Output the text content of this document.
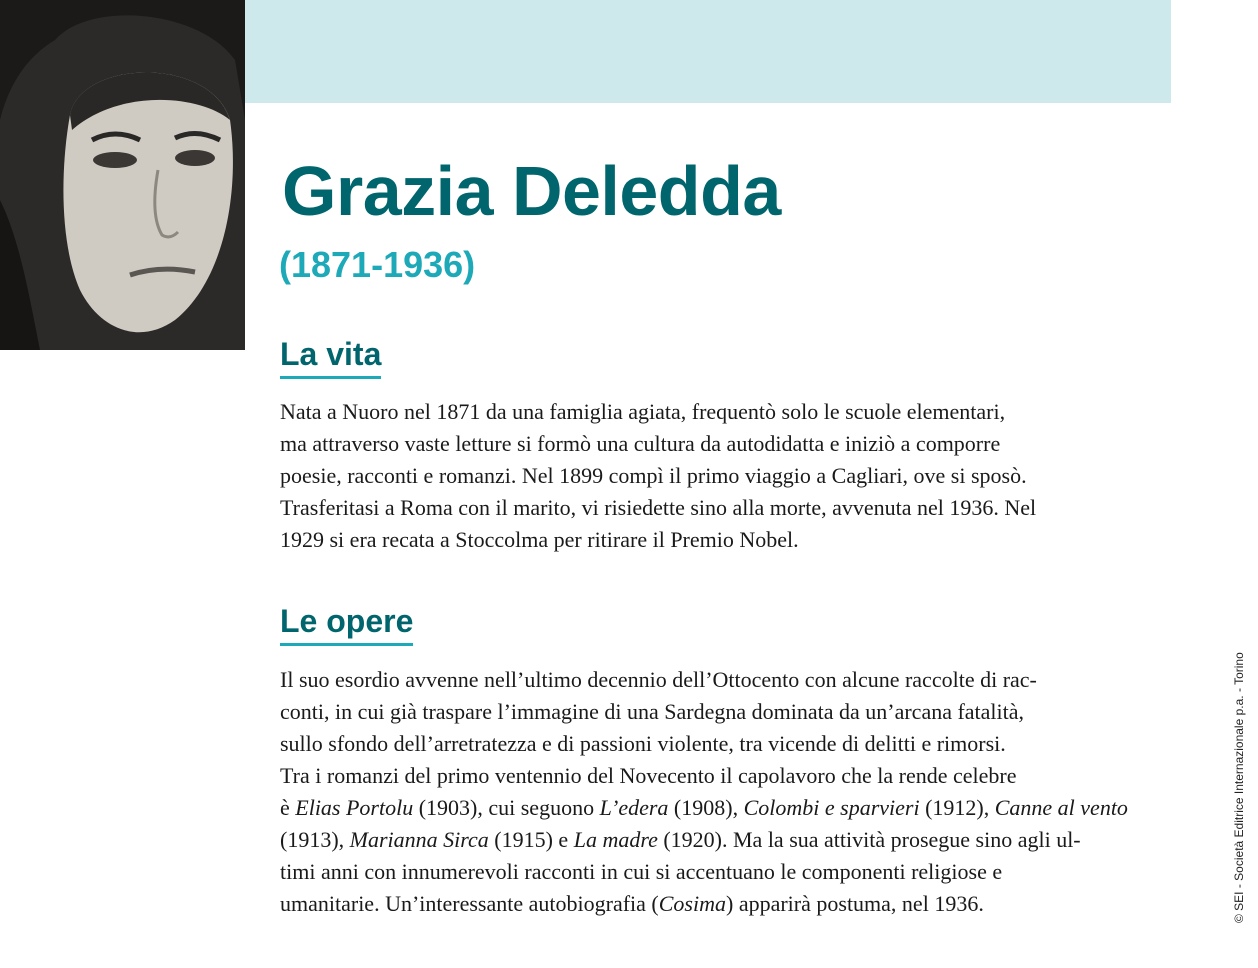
Grazia Deledda
(1871-1936)
La vita

Nata a Nuoro nel 1871 da una famiglia agiata, frequentò solo le scuole elementari,
ma attraverso vaste letture si formò una cultura da autodidatta e iniziò a comporre
poesie, racconti e romanzi. Nel 1899 compì il primo viaggio a Cagliari, ove si sposò.
Trasferitasi a Roma con il marito, vi risiedette sino alla morte, avvenuta nel 1936. Nel
1929 si era recata a Stoccolma per ritirare il Premio Nobel.

Le opere

Il suo esordio avvenne nell’ultimo decennio dell’Ottocento con alcune raccolte di rac-
conti, in cui già traspare l’immagine di una Sardegna dominata da un’arcana fatalità,
sullo sfondo dell’arretratezza e di passioni violente, tra vicende di delitti e rimorsi.
Tra i romanzi del primo ventennio del Novecento il capolavoro che la rende celebre
è Elias Portolu (1903), cui seguono L’edera (1908), Colombi e sparvieri (1912), Canne al vento
(1913), Marianna Sirca (1915) e La madre (1920). Ma la sua attività prosegue sino agli ul-
timi anni con innumerevoli racconti in cui si accentuano le componenti religiose e
umanitarie. Un’interessante autobiografia (Cosima) apparirà postuma, nel 1936.	© SEI - Società Editrice Internazionale p.a. - Torino
